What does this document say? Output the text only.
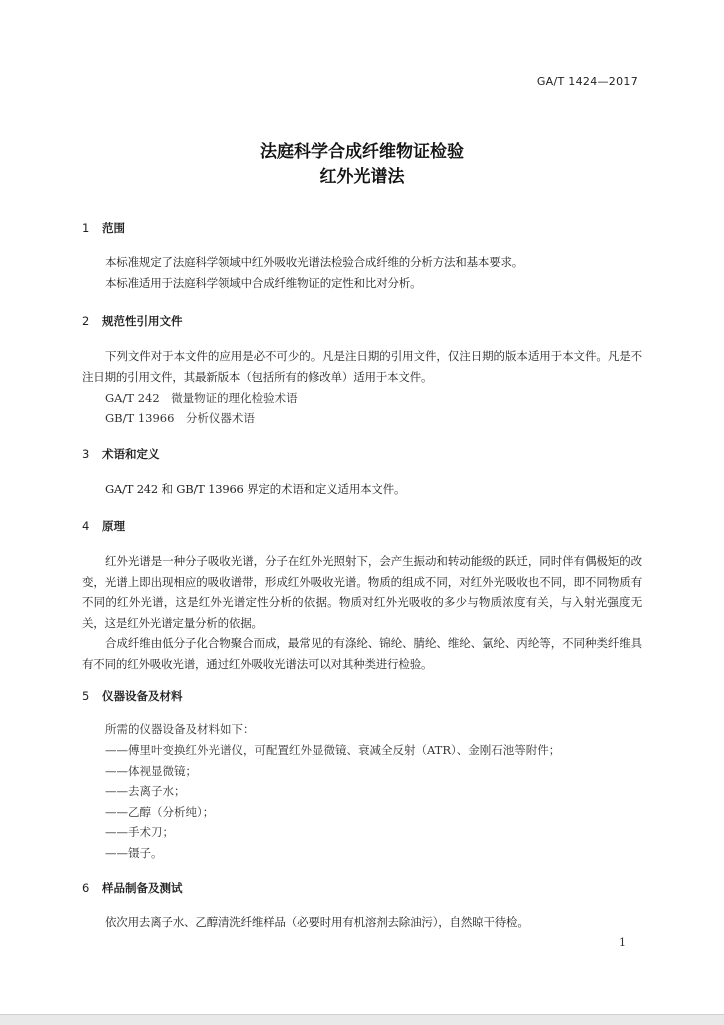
GA/T 1424—2017
法庭科学合成纤维物证检验
红外光谱法
1 范围
本标准规定了法庭科学领域中红外吸收光谱法检验合成纤维的分析方法和基本要求。
本标准适用于法庭科学领域中合成纤维物证的定性和比对分析。
2 规范性引用文件
下列文件对于本文件的应用是必不可少的。凡是注日期的引用文件，仅注日期的版本适用于本文件。凡是不注日期的引用文件，其最新版本（包括所有的修改单）适用于本文件。
GA/T 242　微量物证的理化检验术语
GB/T 13966　分析仪器术语
3 术语和定义
GA/T 242 和 GB/T 13966 界定的术语和定义适用本文件。
4 原理
红外光谱是一种分子吸收光谱，分子在红外光照射下，会产生振动和转动能级的跃迁，同时伴有偶极矩的改变，光谱上即出现相应的吸收谱带，形成红外吸收光谱。物质的组成不同，对红外光吸收也不同，即不同物质有不同的红外光谱，这是红外光谱定性分析的依据。物质对红外光吸收的多少与物质浓度有关，与入射光强度无关，这是红外光谱定量分析的依据。
合成纤维由低分子化合物聚合而成，最常见的有涤纶、锦纶、腈纶、维纶、氯纶、丙纶等，不同种类纤维具有不同的红外吸收光谱，通过红外吸收光谱法可以对其种类进行检验。
5 仪器设备及材料
所需的仪器设备及材料如下：
——傅里叶变换红外光谱仪，可配置红外显微镜、衰减全反射（ATR）、金刚石池等附件；
——体视显微镜；
——去离子水；
——乙醇（分析纯）；
——手术刀；
——镊子。
6 样品制备及测试
依次用去离子水、乙醇清洗纤维样品（必要时用有机溶剂去除油污），自然晾干待检。
1
